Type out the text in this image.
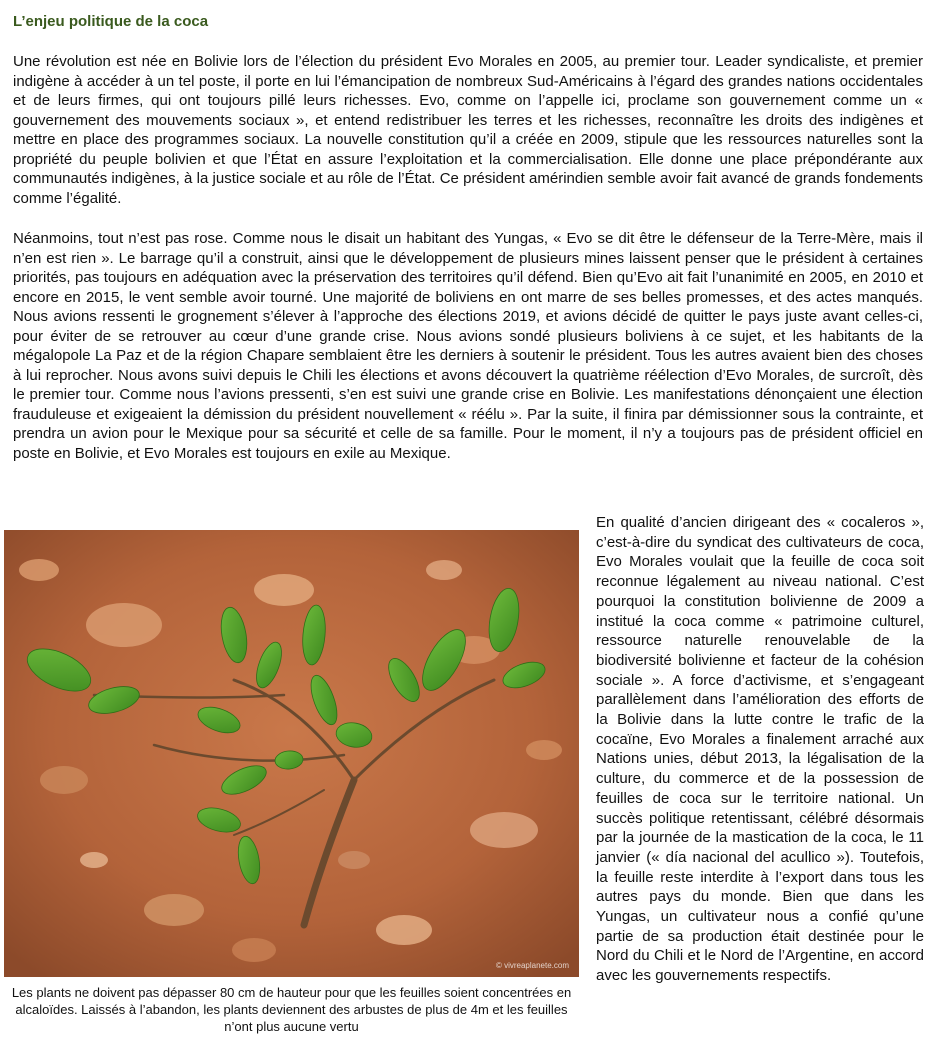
L’enjeu politique de la coca

Une révolution est née en Bolivie lors de l’élection du président Evo Morales en 2005, au premier tour. Leader syndicaliste, et premier indigène à accéder à un tel poste, il porte en lui l’émancipation de nombreux Sud-Américains à l’égard des grandes nations occidentales et de leurs firmes, qui ont toujours pillé leurs richesses. Evo, comme on l’appelle ici, proclame son gouvernement comme un « gouvernement des mouvements sociaux », et entend redistribuer les terres et les richesses, reconnaître les droits des indigènes et mettre en place des programmes sociaux. La nouvelle constitution qu’il a créée en 2009, stipule que les ressources naturelles sont la propriété du peuple bolivien et que l’État en assure l’exploitation et la commercialisation. Elle donne une place prépondérante aux communautés indigènes, à la justice sociale et au rôle de l’État. Ce président amérindien semble avoir fait avancé de grands fondements comme l’égalité.

Néanmoins, tout n’est pas rose. Comme nous le disait un habitant des Yungas, « Evo se dit être le défenseur de la Terre-Mère, mais il n’en est rien ». Le barrage qu’il a construit, ainsi que le développement de plusieurs mines laissent penser que le président à certaines priorités, pas toujours en adéquation avec la préservation des territoires qu’il défend. Bien qu’Evo ait fait l’unanimité en 2005, en 2010 et encore en 2015, le vent semble avoir tourné. Une majorité de boliviens en ont marre de ses belles promesses, et des actes manqués. Nous avions ressenti le grognement s’élever à l’approche des élections 2019, et avions décidé de quitter le pays juste avant celles-ci, pour éviter de se retrouver au cœur d’une grande crise. Nous avions sondé plusieurs boliviens à ce sujet, et les habitants de la mégalopole La Paz et de la région Chapare semblaient être les derniers à soutenir le président. Tous les autres avaient bien des choses à lui reprocher. Nous avons suivi depuis le Chili les élections et avons découvert la quatrième réélection d’Evo Morales, de surcroît, dès le premier tour. Comme nous l’avions pressenti, s’en est suivi une grande crise en Bolivie. Les manifestations dénonçaient une élection frauduleuse et exigeaient la démission du président nouvellement « réélu ». Par la suite, il finira par démissionner sous la contrainte, et prendra un avion pour le Mexique pour sa sécurité et celle de sa famille. Pour le moment, il n’y a toujours pas de président officiel en poste en Bolivie, et Evo Morales est toujours en exile au Mexique.

© vivreaplanete.com

Les plants ne doivent pas dépasser 80 cm de hauteur pour que les feuilles soient concentrées en alcaloïdes. Laissés à l’abandon, les plants deviennent des arbustes de plus de 4m et les feuilles n’ont plus aucune vertu

En qualité d’ancien dirigeant des « cocaleros », c’est-à-dire du syndicat des cultivateurs de coca, Evo Morales voulait que la feuille de coca soit reconnue légalement au niveau national. C’est pourquoi la constitution bolivienne de 2009 a institué la coca comme « patrimoine culturel, ressource naturelle renouvelable de la biodiversité bolivienne et facteur de la cohésion sociale ». A force d’activisme, et s’engageant parallèlement dans l’amélioration des efforts de la Bolivie dans la lutte contre le trafic de la cocaïne, Evo Morales a finalement arraché aux Nations unies, début 2013, la légalisation de la culture, du commerce et de la possession de feuilles de coca sur le territoire national. Un succès politique retentissant, célébré désormais par la journée de la mastication de la coca, le 11 janvier (« día nacional del acullico »). Toutefois, la feuille reste interdite à l’export dans tous les autres pays du monde. Bien que dans les Yungas, un cultivateur nous a confié qu’une partie de sa production était destinée pour le Nord du Chili et le Nord de l’Argentine, en accord avec les gouvernements respectifs.
